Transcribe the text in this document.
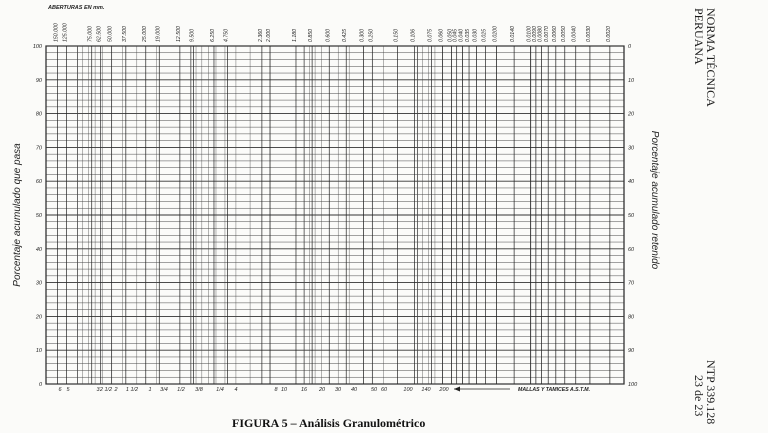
0
10
20
30
40
50
60
70
80
90
100	0
10
20
30
40
50
60
70
80
90
100
150.000 125.000	75.000 62.500 50.000 37.500	25.000 19.000	12.500 9.500	6.250 4.750	2.360 2.000	1.180 0.850 0.600 0.425 0.300 0.250	0.150 0.106 0.075 0.060 0.050 0.045 0.040 0.035 0.030 0.025 0.0200 0.0140 0.0100 0.0090 0.0080 0.0070 0.0060 0.0050 0.0040 0.0030	0.0020
ABERTURAS EN mm.
6 5	3 2 1/2 2 1 1/2 1 3/4 1/2 3/8 1/4 4	8 10	16 20 30 40	50 60	100 140 200	MALLAS Y TAMICES A.S.T.M.
Porcentaje acumulado que pasa	Porcentaje acumulado retenido
NORMA TÉCNICA
PERUANA
NTP 339.128
23 de 23
FIGURA 5 – Análisis Granulométrico
